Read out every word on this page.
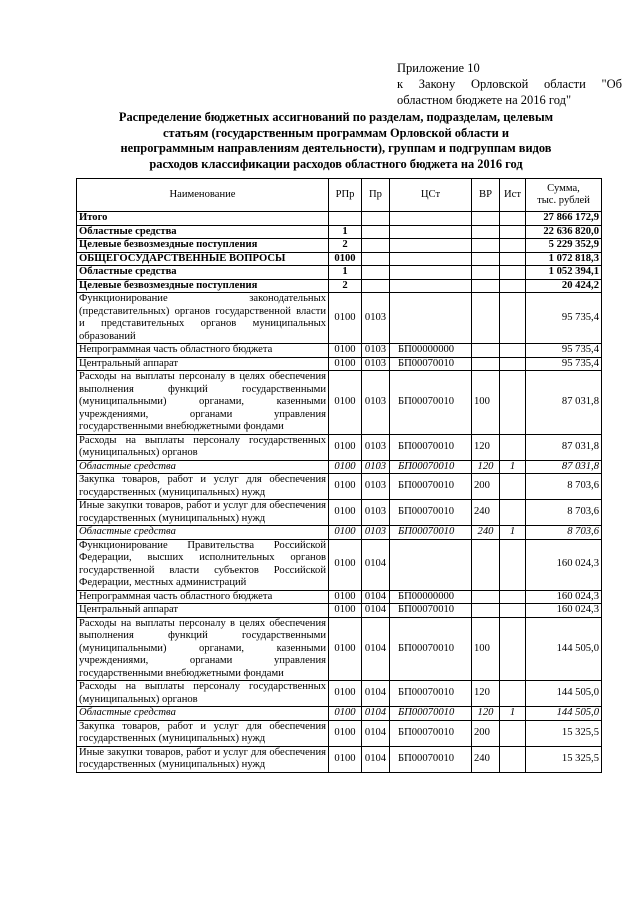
Приложение 10
к Закону Орловской области "Об
областном бюджете на 2016 год"
Распределение бюджетных ассигнований по разделам, подразделам, целевым
статьям (государственным программам Орловской области и
непрограммным направлениям деятельности), группам и подгруппам видов
расходов классификации расходов областного бюджета на 2016 год
Наименование	РПр	Пр	ЦСт	ВР	Ист	Сумма,
тыс. рублей

Итого						27 866 172,9
Областные средства	1					22 636 820,0
Целевые безвозмездные поступления	2					5 229 352,9
ОБЩЕГОСУДАРСТВЕННЫЕ ВОПРОСЫ	0100					1 072 818,3
Областные средства	1					1 052 394,1
Целевые безвозмездные поступления	2					20 424,2
Функционирование законодательных (представительных) органов государственной власти и представительных органов муниципальных образований	0100	0103				95 735,4
Непрограммная часть областного бюджета	0100	0103	БП00000000			95 735,4
Центральный аппарат	0100	0103	БП00070010			95 735,4
Расходы на выплаты персоналу в целях обеспечения выполнения функций государственными (муниципальными) органами, казенными учреждениями, органами управления государственными внебюджетными фондами	0100	0103	БП00070010	100		87 031,8
Расходы на выплаты персоналу государственных (муниципальных) органов	0100	0103	БП00070010	120		87 031,8
Областные средства	0100	0103	БП00070010	120	1	87 031,8
Закупка товаров, работ и услуг для обеспечения государственных (муниципальных) нужд	0100	0103	БП00070010	200		8 703,6
Иные закупки товаров, работ и услуг для обеспечения государственных (муниципальных) нужд	0100	0103	БП00070010	240		8 703,6
Областные средства	0100	0103	БП00070010	240	1	8 703,6
Функционирование Правительства Российской Федерации, высших исполнительных органов государственной власти субъектов Российской Федерации, местных администраций	0100	0104				160 024,3
Непрограммная часть областного бюджета	0100	0104	БП00000000			160 024,3
Центральный аппарат	0100	0104	БП00070010			160 024,3
Расходы на выплаты персоналу в целях обеспечения выполнения функций государственными (муниципальными) органами, казенными учреждениями, органами управления государственными внебюджетными фондами	0100	0104	БП00070010	100		144 505,0
Расходы на выплаты персоналу государственных (муниципальных) органов	0100	0104	БП00070010	120		144 505,0
Областные средства	0100	0104	БП00070010	120	1	144 505,0
Закупка товаров, работ и услуг для обеспечения государственных (муниципальных) нужд	0100	0104	БП00070010	200		15 325,5
Иные закупки товаров, работ и услуг для обеспечения государственных (муниципальных) нужд	0100	0104	БП00070010	240		15 325,5
